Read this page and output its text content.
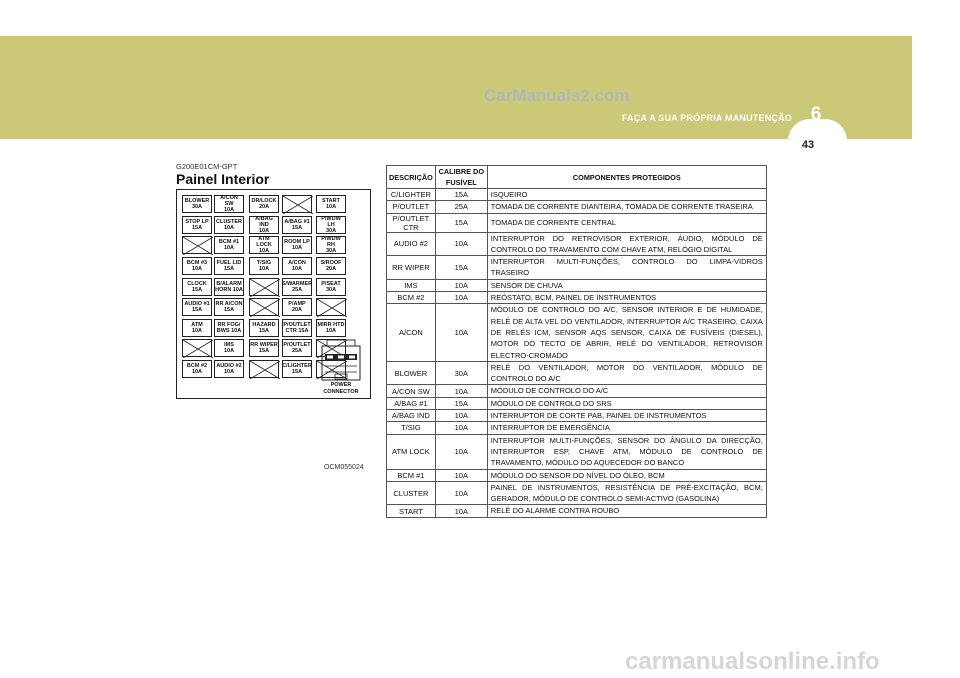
6
43
FAÇA A SUA PRÓPRIA MANUTENÇÃO
CarManuals2.com
G200E01CM-GPT
Painel Interior
BLOWER
30A
A/CON SW
10A
DR/LOCK
20A
START
10A
STOP LP
15A
CLUSTER
10A
A/BAG IND
10A
A/BAG #1
15A
P/WDW LH
30A
BCM #1
10A
ATM LOCK
10A
ROOM LP
10A
P/WDW RH
30A
BCM #3
10A
FUEL LID
15A
T/SIG
10A
A/CON
10A
S/ROOF
20A
CLOCK
15A
B/ALARM
HORN 10A
S/WARMER
25A
P/SEAT
30A
AUDIO #1
15A
RR A/CON
15A
P/AMP
20A
ATM
10A
RR FOG/
BWS 10A
HAZARD
15A
P/OUTLET
CTR 15A
MIRR HTD
10A
IMS
10A
RR WIPER
15A
P/OUTLET
25A
BCM #2
10A
AUDIO #2
10A
C/LIGHTER
15A
POWER
CONNECTOR
OCM055024
DESCRIÇÃO	CALIBRE DO FUSÍVEL	COMPONENTES PROTEGIDOS
C/LIGHTER	15A	ISQUEIRO
P/OUTLET	25A	TOMADA DE CORRENTE DIANTEIRA, TOMADA DE CORRENTE TRASEIRA
P/OUTLET CTR	15A	TOMADA DE CORRENTE CENTRAL
AUDIO #2	10A	INTERRUPTOR DO RETROVISOR EXTERIOR, ÁUDIO, MÓDULO DE CONTROLO DO TRAVAMENTO COM CHAVE ATM, RELÓGIO DIGITAL
RR WIPER	15A	INTERRUPTOR MULTI-FUNÇÕES, CONTROLO DO LIMPA-VIDROS TRASEIRO
IMS	10A	SENSOR DE CHUVA
BCM #2	10A	REÓSTATO, BCM, PAINEL DE INSTRUMENTOS
A/CON	10A	MÓDULO DE CONTROLO DO A/C, SENSOR INTERIOR E DE HUMIDADE, RELÉ DE ALTA VEL DO VENTILADOR, INTERRUPTOR A/C TRASEIRO, CAIXA DE RELÉS ICM, SENSOR AQS SENSOR, CAIXA DE FUSÍVEIS (DIESEL), MOTOR DO TECTO DE ABRIR, RELÉ DO VENTILADOR, RETROVISOR ELECTRO-CROMADO
BLOWER	30A	RELÉ DO VENTILADOR, MOTOR DO VENTILADOR, MÓDULO DE CONTROLO DO A/C
A/CON SW	10A	MÓDULO DE CONTROLO DO A/C
A/BAG #1	15A	MÓDULO DE CONTROLO DO SRS
A/BAG IND	10A	INTERRUPTOR DE CORTE PAB, PAINEL DE INSTRUMENTOS
T/SIG	10A	INTERRUPTOR DE EMERGÊNCIA
ATM LOCK	10A	INTERRUPTOR MULTI-FUNÇÕES, SENSOR DO ÂNGULO DA DIRECÇÃO, INTERRUPTOR ESP, CHAVE ATM, MÓDULO DE CONTROLO DE TRAVAMENTO, MÓDULO DO AQUECEDOR DO BANCO
BCM #1	10A	MÓDULO DO SENSOR DO NÍVEL DO ÓLEO, BCM
CLUSTER	10A	PAINEL DE INSTRUMENTOS, RESISTÊNCIA DE PRÉ-EXCITAÇÃO, BCM, GERADOR, MÓDULO DE CONTROLO SEMI-ACTIVO (GASOLINA)
START	10A	RELÉ DO ALARME CONTRA ROUBO
carmanualsonline.info
